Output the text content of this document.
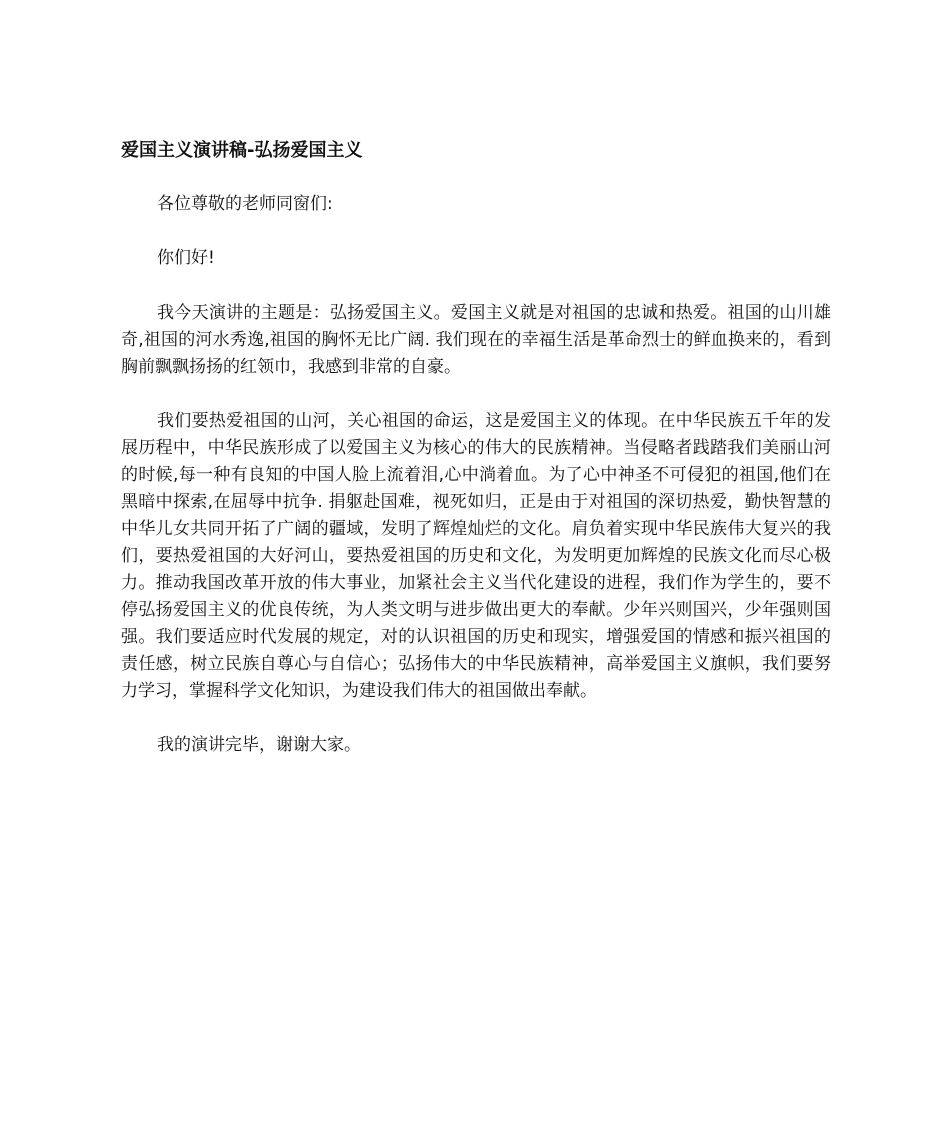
爱国主义演讲稿-弘扬爱国主义

各位尊敬的老师同窗们:

你们好!

我今天演讲的主题是：弘扬爱国主义。爱国主义就是对祖国的忠诚和热爱。祖国的山川雄奇,祖国的河水秀逸,祖国的胸怀无比广阔. 我们现在的幸福生活是革命烈士的鲜血换来的，看到胸前飘飘扬扬的红领巾，我感到非常的自豪。

我们要热爱祖国的山河，关心祖国的命运，这是爱国主义的体现。在中华民族五千年的发展历程中，中华民族形成了以爱国主义为核心的伟大的民族精神。当侵略者践踏我们美丽山河的时候,每一种有良知的中国人脸上流着泪,心中淌着血。为了心中神圣不可侵犯的祖国,他们在黑暗中探索,在屈辱中抗争. 捐躯赴国难，视死如归，正是由于对祖国的深切热爱，勤快智慧的中华儿女共同开拓了广阔的疆域，发明了辉煌灿烂的文化。肩负着实现中华民族伟大复兴的我们，要热爱祖国的大好河山，要热爱祖国的历史和文化，为发明更加辉煌的民族文化而尽心极力。推动我国改革开放的伟大事业，加紧社会主义当代化建设的进程，我们作为学生的，要不停弘扬爱国主义的优良传统，为人类文明与进步做出更大的奉献。少年兴则国兴，少年强则国强。我们要适应时代发展的规定，对的认识祖国的历史和现实，增强爱国的情感和振兴祖国的责任感，树立民族自尊心与自信心；弘扬伟大的中华民族精神，高举爱国主义旗帜，我们要努力学习，掌握科学文化知识，为建设我们伟大的祖国做出奉献。

我的演讲完毕，谢谢大家。
